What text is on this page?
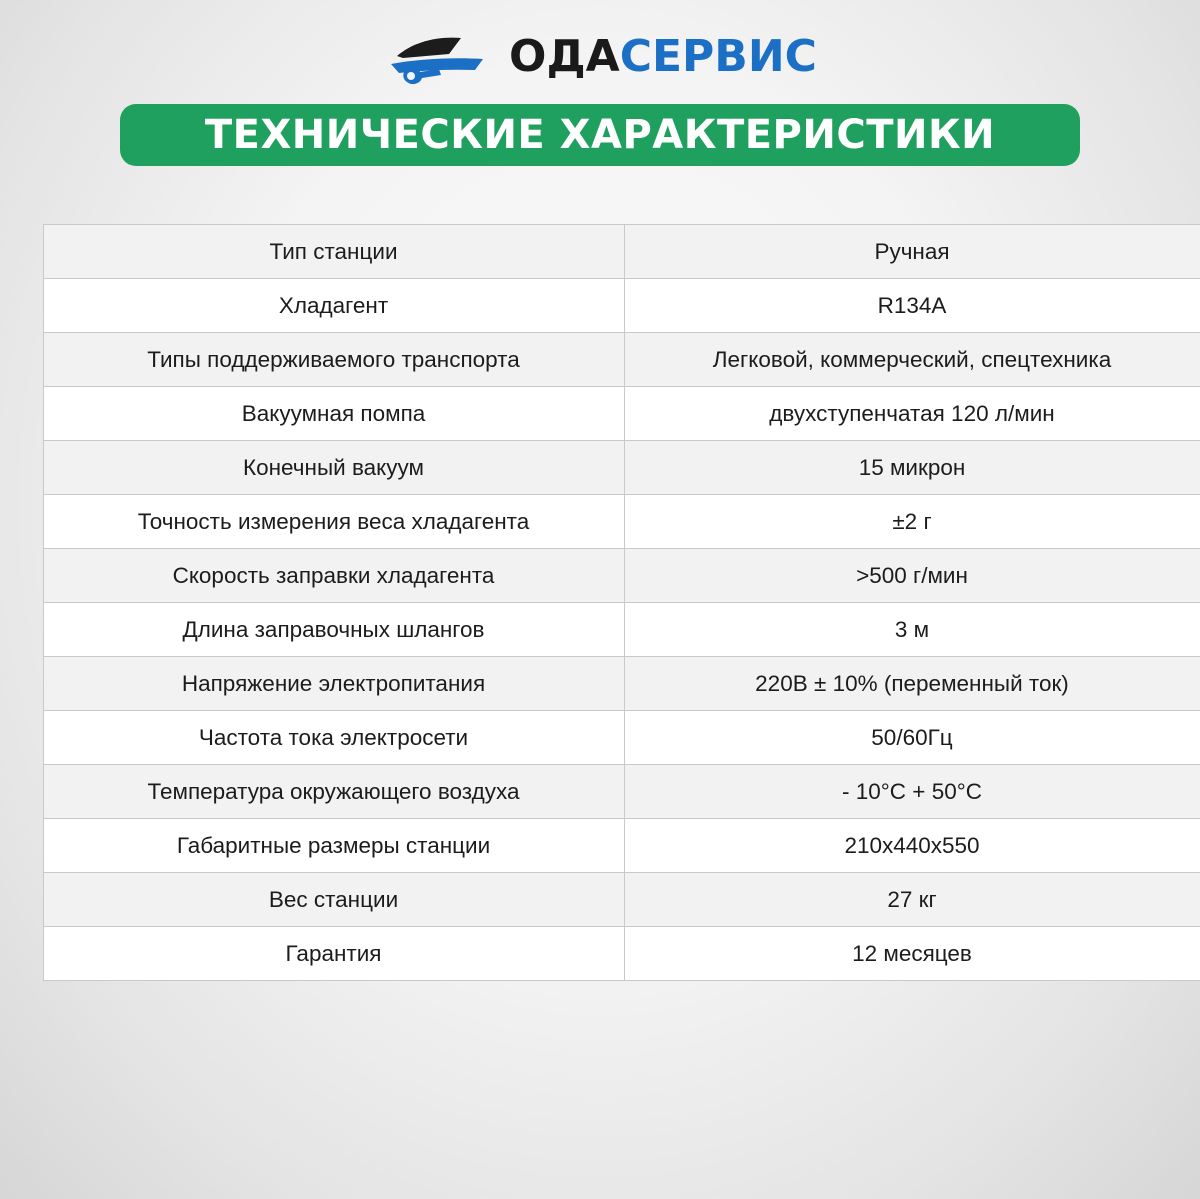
ОДАСЕРВИС
ТЕХНИЧЕСКИЕ ХАРАКТЕРИСТИКИ
Тип станции	Ручная
Хладагент	R134A
Типы поддерживаемого транспорта	Легковой, коммерческий, спецтехника
Вакуумная помпа	двухступенчатая 120 л/мин
Конечный вакуум	15 микрон
Точность измерения веса хладагента	±2 г
Скорость заправки хладагента	>500 г/мин
Длина заправочных шлангов	3 м
Напряжение электропитания	220В ± 10% (переменный ток)
Частота тока электросети	50/60Гц
Температура окружающего воздуха	- 10°C + 50°C
Габаритные размеры станции	210х440х550
Вес станции	27 кг
Гарантия	12 месяцев
